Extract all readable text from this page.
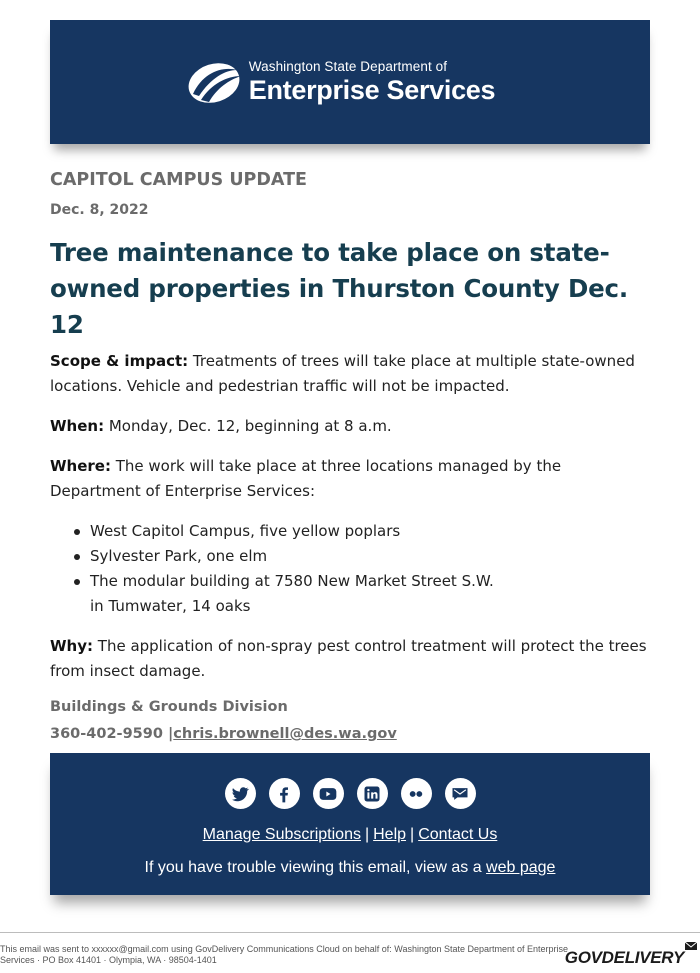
Washington State Department of
Enterprise Services
CAPITOL CAMPUS UPDATE
Dec. 8, 2022
Tree maintenance to take place on state-owned properties in Thurston County Dec. 12

Scope & impact: Treatments of trees will take place at multiple state-owned locations. Vehicle and pedestrian traffic will not be impacted.

When: Monday, Dec. 12, beginning at 8 a.m.

Where: The work will take place at three locations managed by the Department of Enterprise Services:

West Capitol Campus, five yellow poplars
Sylvester Park, one elm
The modular building at 7580 New Market Street S.W. in Tumwater, 14 oaks

Why: The application of non-spray pest control treatment will protect the trees from insect damage.

Buildings & Grounds Division
360-402-9590 |chris.brownell@des.wa.gov
Manage Subscriptions | Help | Contact Us
If you have trouble viewing this email, view as a web page
This email was sent to xxxxxx@gmail.com using GovDelivery Communications Cloud on behalf of: Washington State Department of Enterprise Services · PO Box 41401 · Olympia, WA · 98504-1401	GOVDELIVERY
